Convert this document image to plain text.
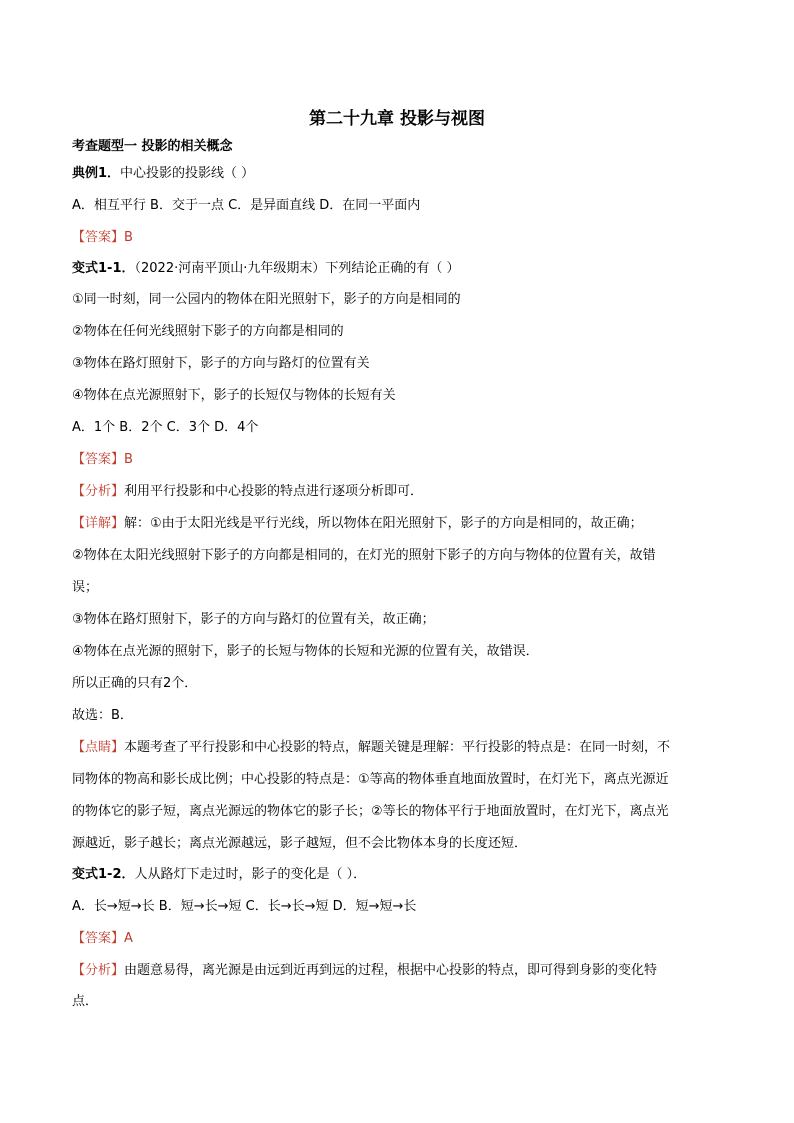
第二十九章 投影与视图
考查题型一 投影的相关概念
典例1．中心投影的投影线（ ）
A．相互平行 B．交于一点 C．是异面直线 D．在同一平面内
【答案】B
变式1-1．（2022·河南平顶山·九年级期末）下列结论正确的有（ ）
①同一时刻，同一公园内的物体在阳光照射下，影子的方向是相同的
②物体在任何光线照射下影子的方向都是相同的
③物体在路灯照射下，影子的方向与路灯的位置有关
④物体在点光源照射下，影子的长短仅与物体的长短有关
A．1个 B．2个 C．3个 D．4个
【答案】B
【分析】利用平行投影和中心投影的特点进行逐项分析即可．
【详解】解：①由于太阳光线是平行光线，所以物体在阳光照射下，影子的方向是相同的，故正确；
②物体在太阳光线照射下影子的方向都是相同的，在灯光的照射下影子的方向与物体的位置有关，故错
误；
③物体在路灯照射下，影子的方向与路灯的位置有关，故正确；
④物体在点光源的照射下，影子的长短与物体的长短和光源的位置有关，故错误．
所以正确的只有2个．
故选：B．
【点睛】本题考查了平行投影和中心投影的特点，解题关键是理解：平行投影的特点是：在同一时刻，不
同物体的物高和影长成比例；中心投影的特点是：①等高的物体垂直地面放置时，在灯光下，离点光源近
的物体它的影子短，离点光源远的物体它的影子长；②等长的物体平行于地面放置时，在灯光下，离点光
源越近，影子越长；离点光源越远，影子越短，但不会比物体本身的长度还短．
变式1-2．人从路灯下走过时，影子的变化是（ ）．
A．长→短→长 B．短→长→短 C．长→长→短 D．短→短→长
【答案】A
【分析】由题意易得，离光源是由远到近再到远的过程，根据中心投影的特点，即可得到身影的变化特
点．
